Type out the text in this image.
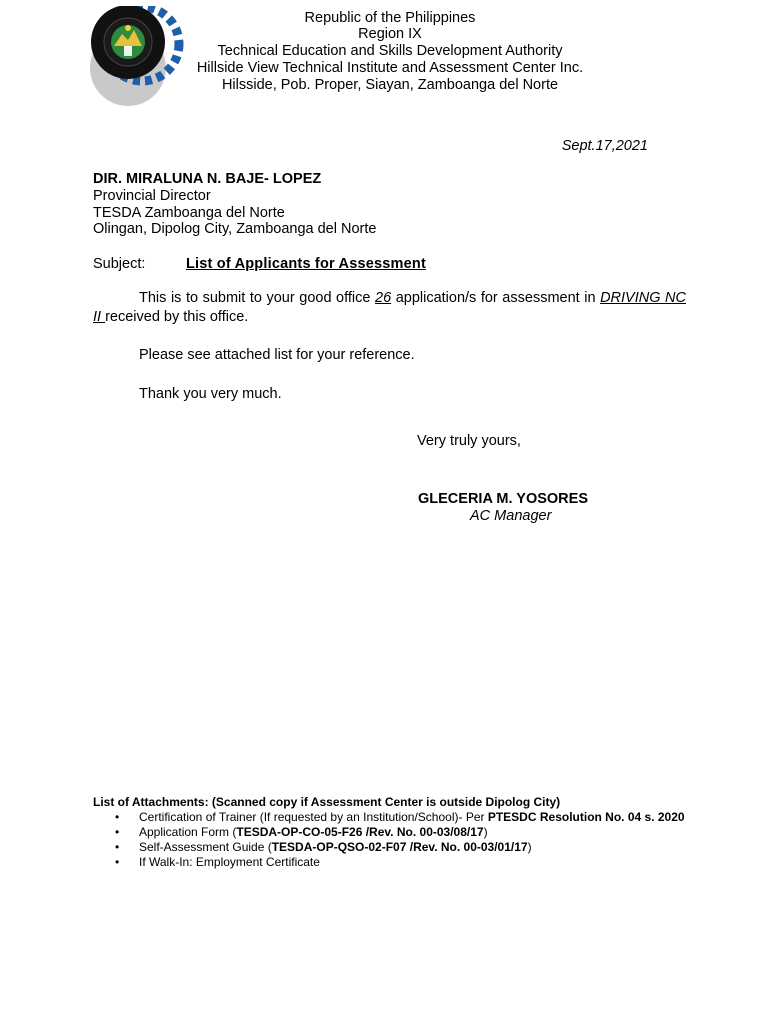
Republic of the Philippines
Region IX
Technical Education and Skills Development Authority
Hillside View Technical Institute and Assessment Center Inc.
Hilsside, Pob. Proper, Siayan, Zamboanga del Norte
Sept.17,2021
DIR. MIRALUNA N. BAJE- LOPEZ
Provincial Director
TESDA Zamboanga del Norte
Olingan, Dipolog City, Zamboanga del Norte
Subject:	List of Applicants for Assessment
This is to submit to your good office 26 application/s for assessment in DRIVING NC II received by this office.
Please see attached list for your reference.
Thank you very much.
Very truly yours,
GLECERIA M. YOSORES
AC Manager
List of Attachments: (Scanned copy if Assessment Center is outside Dipolog City)
• Certification of Trainer (If requested by an Institution/School)- Per PTESDC Resolution No. 04 s. 2020
• Application Form (TESDA-OP-CO-05-F26 /Rev. No. 00-03/08/17)
• Self-Assessment Guide (TESDA-OP-QSO-02-F07 /Rev. No. 00-03/01/17)
• If Walk-In: Employment Certificate
